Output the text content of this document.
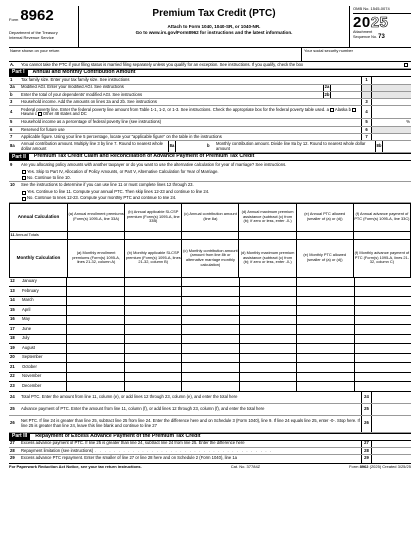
Form 8962
Department of the Treasury
Internal Revenue Service
Premium Tax Credit (PTC)
Attach to Form 1040, 1040-SR, or 1040-NR.
Go to www.irs.gov/Form8962 for instructions and the latest information.
OMB No. 1545-0074
2025
Attachment
Sequence No. 73
Name shown on your return	Your social security number
A.	You cannot take the PTC if your filing status is married filing separately unless you qualify for an exception. See instructions. If you qualify, check the box
Part I	Annual and Monthly Contribution Amount
1	Tax family size. Enter your tax family size. See instructions	1
2a	Modified AGI. Enter your modified AGI. See instructions	2a
b	Enter the total of your dependents' modified AGI. See instructions	2b
3	Household income. Add the amounts on lines 2a and 2b. See instructions	3
4	Federal poverty line. Enter the federal poverty line amount from Table 1-1, 1-2, or 1-3. See instructions. Check the appropriate box for the federal poverty table used. a Alaska bHawaii c Other 48 states and DC
4
5	Household income as a percentage of federal poverty line (see instructions)	5	%
6	Reserved for future use	6
7	Applicable figure. Using your line 5 percentage, locate your "applicable figure" on the table in the instructions	7
8a	Annual contribution amount. Multiply line 3 by line 7. Round to nearest whole dollar amount	8a	b	Monthly contribution amount. Divide line 8a by 12. Round to nearest whole dollar amount	8b
Part II	Premium Tax Credit Claim and Reconciliation of Advance Payment of Premium Tax Credit
9	Are you allocating policy amounts with another taxpayer or do you want to use the alternative calculation for year of marriage? See instructions.
Yes. Skip to Part IV, Allocation of Policy Amounts, or Part V, Alternative Calculation for Year of Marriage.
No. Continue to line 10.
10	See the instructions to determine if you can use line 11 or must complete lines 12 through 23.
Yes. Continue to line 11. Compute your annual PTC. Then skip lines 12-23 and continue to line 24.
No. Continue to lines 12-23. Compute your monthly PTC and continue to line 24.
Annual Calculation	(a) Annual enrollment premiums (Form(s) 1095-A, line 33A)	(b) Annual applicable SLCSP premium (Form(s) 1095-A, line 33B)	(c) Annual contribution amount (line 8a)	(d) Annual maximum premium assistance (subtract (c) from (b); if zero or less, enter -0-)	(e) Annual PTC allowed (smaller of (a) or (d))	(f) Annual advance payment of PTC (Form(s) 1095-A, line 33C)
11 Annual Totals						
Monthly Calculation	(a) Monthly enrollment premiums (Form(s) 1095-A, lines 21-32, column A)	(b) Monthly applicable SLCSP premium (Form(s) 1095-A, lines 21-32, column B)	(c) Monthly contribution amount (amount from line 8b or alternative marriage monthly calculation)	(d) Monthly maximum premium assistance (subtract (c) from (b); if zero or less, enter -0-)	(e) Monthly PTC allowed (smaller of (a) or (d))	(f) Monthly advance payment of PTC (Form(s) 1095-A, lines 21-32, column C)
12	January
13	February
14	March
15	April
16	May
17	June
18	July
19	August
20	September
21	October
22	November
23	December
24	Total PTC. Enter the amount from line 11, column (e), or add lines 12 through 23, column (e), and enter the total here	24
25	Advance payment of PTC. Enter the amount from line 11, column (f), or add lines 12 through 23, column (f), and enter the total here	25
26	Net PTC. If line 24 is greater than line 25, subtract line 25 from line 24. Enter the difference here and on Schedule 3 (Form 1040), line 9. If line 24 equals line 25, enter -0-. Stop here. If line 25 is greater than line 24, leave this line blank and continue to line 27	26
Part III	Repayment of Excess Advance Payment of the Premium Tax Credit
27	Excess advance payment of PTC. If line 25 is greater than line 24, subtract line 24 from line 25. Enter the difference here	27
28	Repayment limitation (see instructions) . . . . . . . . . . . . . . . . . . . . . . . . . . . . . . . . . . . . . .	28
29	Excess advance PTC repayment. Enter the smaller of line 27 or line 28 here and on Schedule 2 (Form 1040), line 1a	29
For Paperwork Reduction Act Notice, see your tax return instructions.	Cat. No. 37784Z	Form 8962 (2025) Created 3/25/25
